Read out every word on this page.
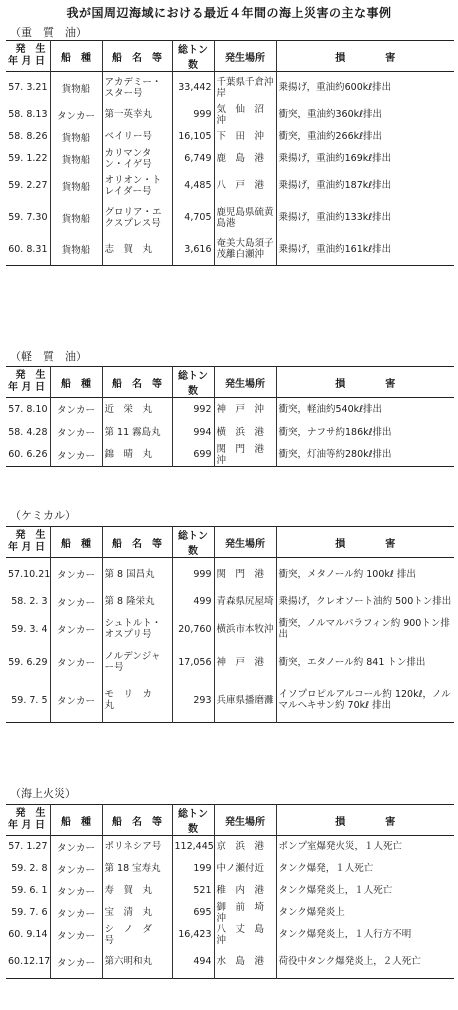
我が国周辺海域における最近４年間の海上災害の主な事例
（重　質　油）
発　生
年 月 日	船　種	船　名　等	総トン数	発生場所	損　　　　害
57. 3.21	貨物船	アカデミー・スター号	33,442	千葉県千倉沖岸	乗揚げ，重油約600kℓ排出
58. 8.13	タンカー	第一英幸丸	999	気　仙　沼　沖	衝突，重油約360kℓ排出
58. 8.26	貨物船	ベイリー号	16,105	下　田　沖	衝突，重油約266kℓ排出
59. 1.22	貨物船	カリマンタン・イゲ号	6,749	鹿　島　港	乗揚げ，重油約169kℓ排出
59. 2.27	貨物船	オリオン・トレイダー号	4,485	八　戸　港	乗揚げ，重油約187kℓ排出
59. 7.30	貨物船	グロリア・エクスプレス号	4,705	鹿児島県硫黄島港	乗揚げ，重油約133kℓ排出
60. 8.31	貨物船	志　賀　丸	3,616	奄美大島須子茂離白瀬沖	乗揚げ，重油約161kℓ排出
（軽　質　油）
発　生
年 月 日	船　種	船　名　等	総トン数	発生場所	損　　　　害
57. 8.10	タンカー	近　栄　丸	992	神　戸　沖	衝突，軽油約540kℓ排出
58. 4.28	タンカー	第 11 霧島丸	994	横　浜　港	衝突，ナフサ約186kℓ排出
60. 6.26	タンカー	錦　晴　丸	699	関　門　港　沖	衝突，灯油等約280kℓ排出
（ケミカル）
発　生
年 月 日	船　種	船　名　等	総トン数	発生場所	損　　　　害
57.10.21	タンカー	第 8 国昌丸	999	関　門　港	衝突，メタノール約 100kℓ 排出
58. 2. 3	タンカー	第 8 隆栄丸	499	青森県尻屋埼	乗揚げ，クレオソート油約 500トン排出
59. 3. 4	タンカー	シュトルト・オスプリ号	20,760	横浜市本牧沖	衝突，ノルマルパラフィン約 900トン排出
59. 6.29	タンカー	ノルデンジャー号	17,056	神　戸　港	衝突，エタノール約 841 トン排出
59. 7. 5	タンカー	モ　リ　カ　丸	293	兵庫県播磨灘	イソプロピルアルコール約 120kℓ，ノルマルヘキサン約 70kℓ 排出
（海上火災）
発　生
年 月 日	船　種	船　名　等	総トン数	発生場所	損　　　　害
57. 1.27	タンカー	ポリネシア号	112,445	京　浜　港	ポンプ室爆発火災，１人死亡
59. 2. 8	タンカー	第 18 宝寿丸	199	中ノ瀬付近	タンク爆発，１人死亡
59. 6. 1	タンカー	寿　賀　丸	521	稚　内　港	タンク爆発炎上，１人死亡
59. 7. 6	タンカー	宝　清　丸	695	御　前　埼　沖	タンク爆発炎上
60. 9.14	タンカー	シ　ノ　ダ　号	16,423	八　丈　島　沖	タンク爆発炎上，１人行方不明
60.12.17	タンカー	第六明和丸	494	水　島　港	荷役中タンク爆発炎上，２人死亡
